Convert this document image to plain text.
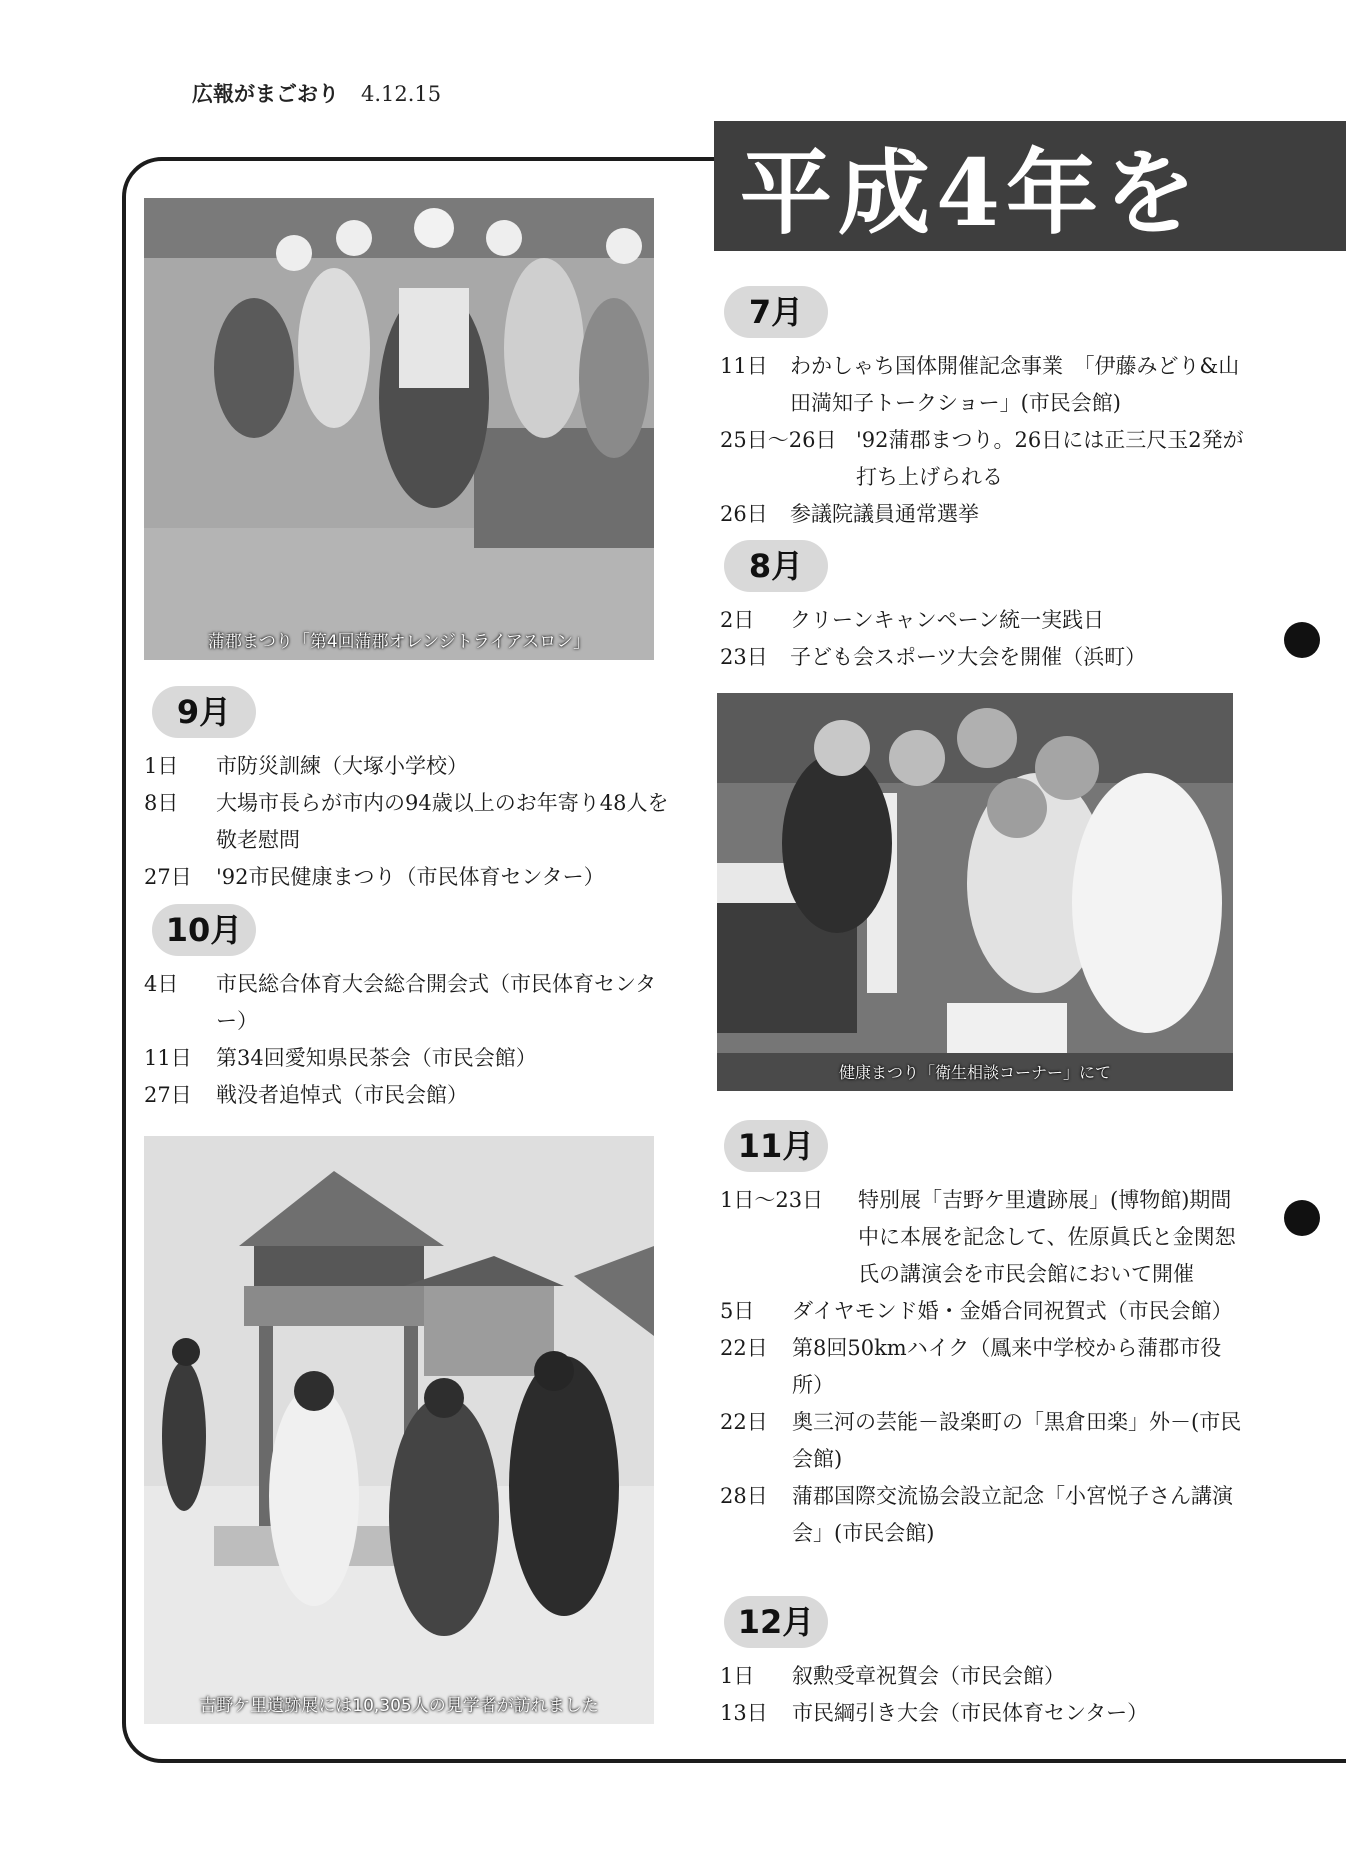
広報がまごおり 4.12.15
平成4年を
蒲郡まつり「第4回蒲郡オレンジトライアスロン」
健康まつり「衛生相談コーナー」にて
吉野ケ里遺跡展には10,305人の見学者が訪れました
7月
11日	わかしゃち国体開催記念事業　「伊藤みどり&山田満知子トークショー」(市民会館)
25日～26日 '92蒲郡まつり。26日には正三尺玉2発が打ち上げられる
26日	参議院議員通常選挙
8月
2日	クリーンキャンペーン統一実践日
23日	子ども会スポーツ大会を開催（浜町）
9月
1日	市防災訓練（大塚小学校）
8日	大場市長らが市内の94歳以上のお年寄り48人を敬老慰問
27日	'92市民健康まつり（市民体育センター）
10月
4日	市民総合体育大会総合開会式（市民体育センター）
11日	第34回愛知県民茶会（市民会館）
27日	戦没者追悼式（市民会館）
11月
1日～23日	特別展「吉野ケ里遺跡展」(博物館)期間中に本展を記念して、佐原眞氏と金関恕氏の講演会を市民会館において開催
5日	ダイヤモンド婚・金婚合同祝賀式（市民会館）
22日	第8回50kmハイク（鳳来中学校から蒲郡市役所）
22日	奥三河の芸能－設楽町の「黒倉田楽」外－(市民会館)
28日	蒲郡国際交流協会設立記念「小宮悦子さん講演会」(市民会館)
12月
1日	叙勲受章祝賀会（市民会館）
13日	市民綱引き大会（市民体育センター）
